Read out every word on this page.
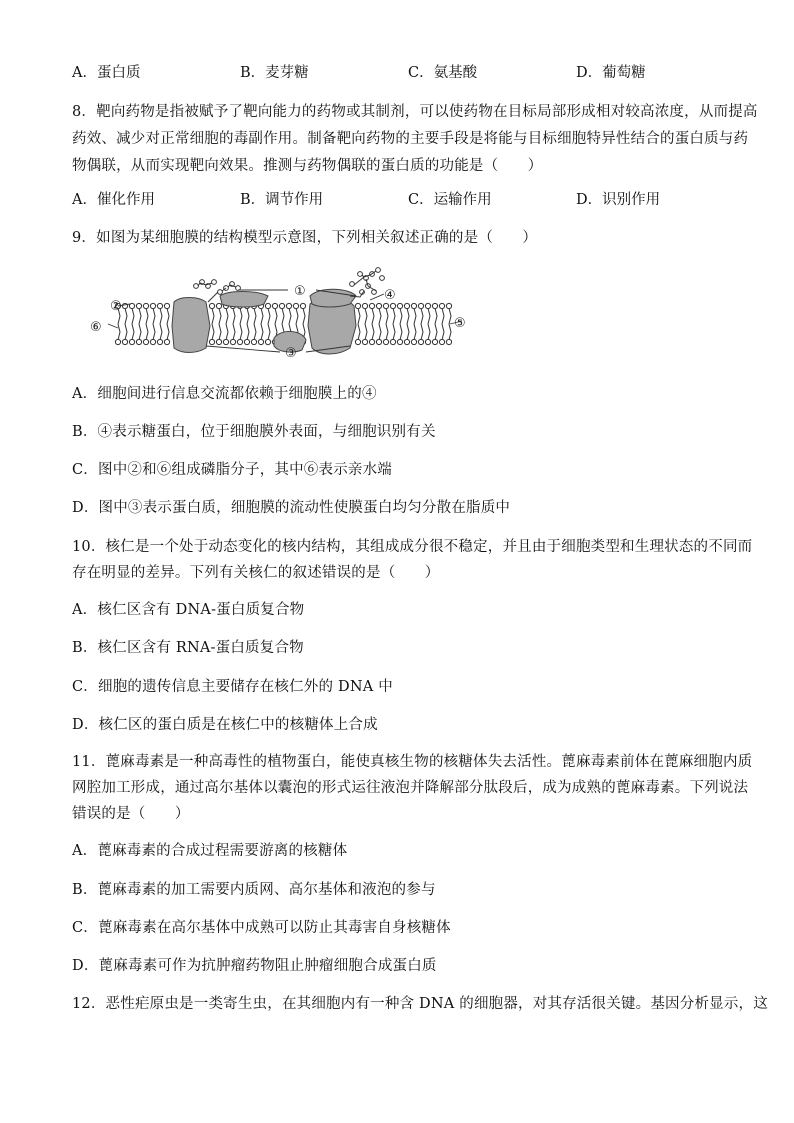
A．蛋白质	B．麦芽糖	C．氨基酸	D．葡萄糖
8．靶向药物是指被赋予了靶向能力的药物或其制剂，可以使药物在目标局部形成相对较高浓度，从而提高
药效、减少对正常细胞的毒副作用。制备靶向药物的主要手段是将能与目标细胞特异性结合的蛋白质与药
物偶联，从而实现靶向效果。推测与药物偶联的蛋白质的功能是（　　）
A．催化作用	B．调节作用	C．运输作用	D．识别作用
9．如图为某细胞膜的结构模型示意图，下列相关叙述正确的是（　　）
①
②
③
④
⑤
⑥
A．细胞间进行信息交流都依赖于细胞膜上的④
B．④表示糖蛋白，位于细胞膜外表面，与细胞识别有关
C．图中②和⑥组成磷脂分子，其中⑥表示亲水端
D．图中③表示蛋白质，细胞膜的流动性使膜蛋白均匀分散在脂质中
10．核仁是一个处于动态变化的核内结构，其组成成分很不稳定，并且由于细胞类型和生理状态的不同而
存在明显的差异。下列有关核仁的叙述错误的是（　　）
A．核仁区含有 DNA-蛋白质复合物
B．核仁区含有 RNA-蛋白质复合物
C．细胞的遗传信息主要储存在核仁外的 DNA 中
D．核仁区的蛋白质是在核仁中的核糖体上合成
11．蓖麻毒素是一种高毒性的植物蛋白，能使真核生物的核糖体失去活性。蓖麻毒素前体在蓖麻细胞内质
网腔加工形成，通过高尔基体以囊泡的形式运往液泡并降解部分肽段后，成为成熟的蓖麻毒素。下列说法
错误的是（　　）
A．蓖麻毒素的合成过程需要游离的核糖体
B．蓖麻毒素的加工需要内质网、高尔基体和液泡的参与
C．蓖麻毒素在高尔基体中成熟可以防止其毒害自身核糖体
D．蓖麻毒素可作为抗肿瘤药物阻止肿瘤细胞合成蛋白质
12．恶性疟原虫是一类寄生虫，在其细胞内有一种含 DNA 的细胞器，对其存活很关键。基因分析显示，这
